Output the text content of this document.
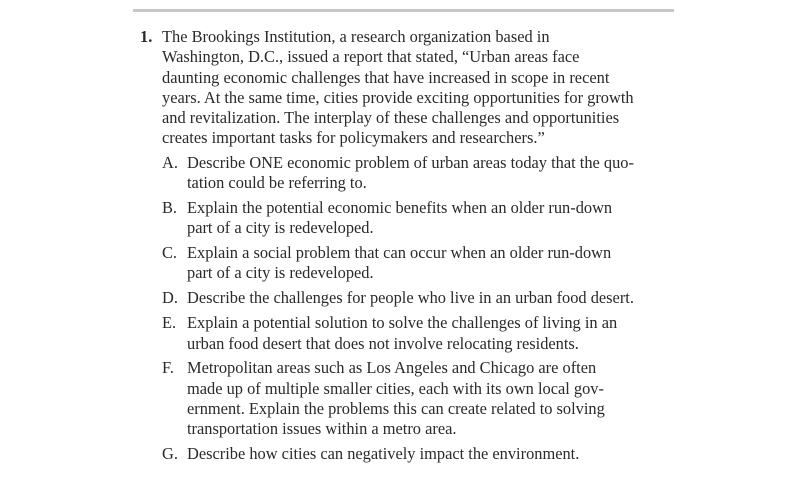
1. The Brookings Institution, a research organization based in
Washington, D.C., issued a report that stated, “Urban areas face
daunting economic challenges that have increased in scope in recent
years. At the same time, cities provide exciting opportunities for growth
and revitalization. The interplay of these challenges and opportunities
creates important tasks for policymakers and researchers.”
A. Describe ONE economic problem of urban areas today that the quo-
tation could be referring to.
B. Explain the potential economic benefits when an older run-down
part of a city is redeveloped.
C. Explain a social problem that can occur when an older run-down
part of a city is redeveloped.
D. Describe the challenges for people who live in an urban food desert.
E. Explain a potential solution to solve the challenges of living in an
urban food desert that does not involve relocating residents.
F. Metropolitan areas such as Los Angeles and Chicago are often
made up of multiple smaller cities, each with its own local gov-
ernment. Explain the problems this can create related to solving
transportation issues within a metro area.
G. Describe how cities can negatively impact the environment.
